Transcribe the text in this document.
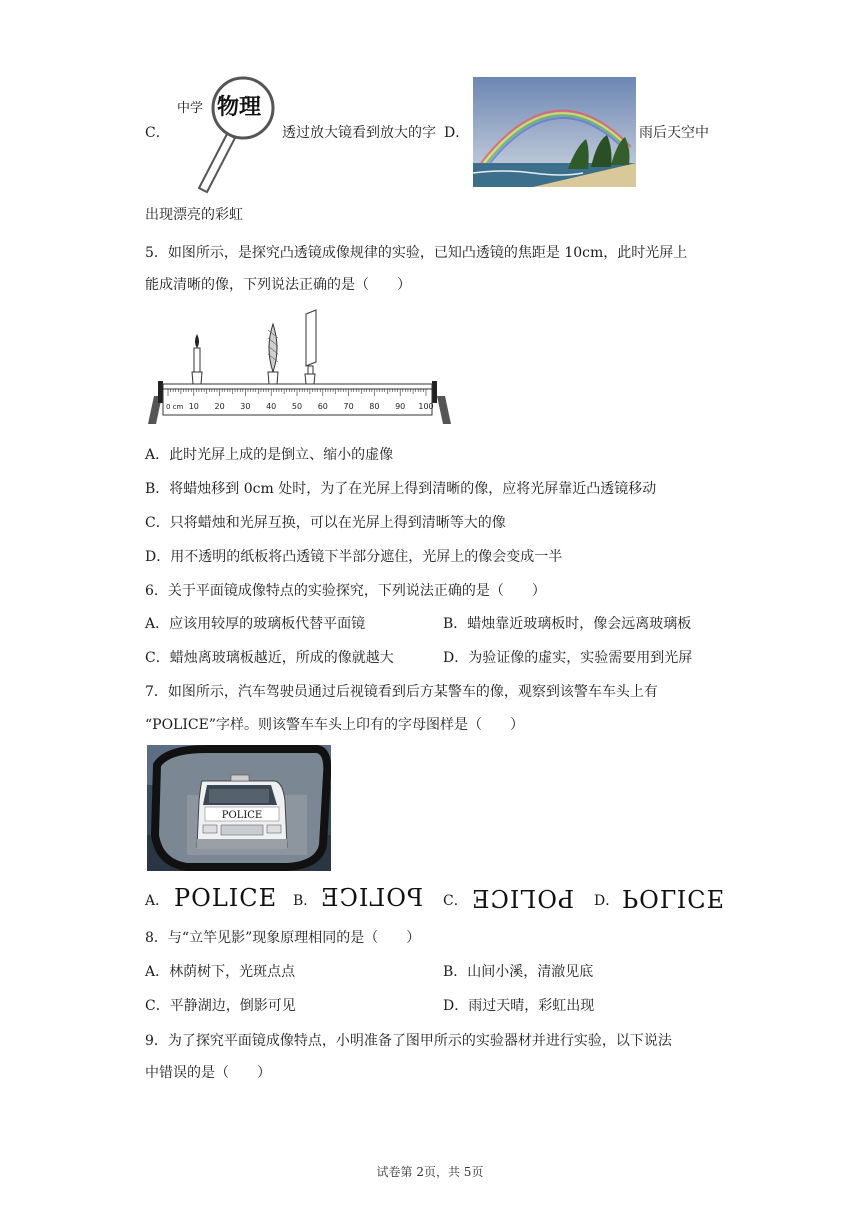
C．
中学 物理
透过放大镜看到放大的字 D．	雨后天空中
出现漂亮的彩虹
5．如图所示，是探究凸透镜成像规律的实验，已知凸透镜的焦距是 10cm，此时光屏上
能成清晰的像，下列说法正确的是（　　）
0 cm 10 20 30 40 50 60 70 80 90 100
A．此时光屏上成的是倒立、缩小的虚像
B．将蜡烛移到 0cm 处时，为了在光屏上得到清晰的像，应将光屏靠近凸透镜移动
C．只将蜡烛和光屏互换，可以在光屏上得到清晰等大的像
D．用不透明的纸板将凸透镜下半部分遮住，光屏上的像会变成一半
6．关于平面镜成像特点的实验探究，下列说法正确的是（　　）
A．应该用较厚的玻璃板代替平面镜	B．蜡烛靠近玻璃板时，像会远离玻璃板
C．蜡烛离玻璃板越近，所成的像就越大	D．为验证像的虚实，实验需要用到光屏
7．如图所示，汽车驾驶员通过后视镜看到后方某警车的像，观察到该警车车头上有
“POLICE”字样。则该警车车头上印有的字母图样是（　　）
POLICE
A． POLICE B． POLICE C． POLICE D． POLICE
8．与“立竿见影”现象原理相同的是（　　）
A．林荫树下，光斑点点	B．山间小溪，清澈见底
C．平静湖边，倒影可见	D．雨过天晴，彩虹出现
9．为了探究平面镜成像特点，小明准备了图甲所示的实验器材并进行实验，以下说法
中错误的是（　　）
试卷第 2页，共 5页
